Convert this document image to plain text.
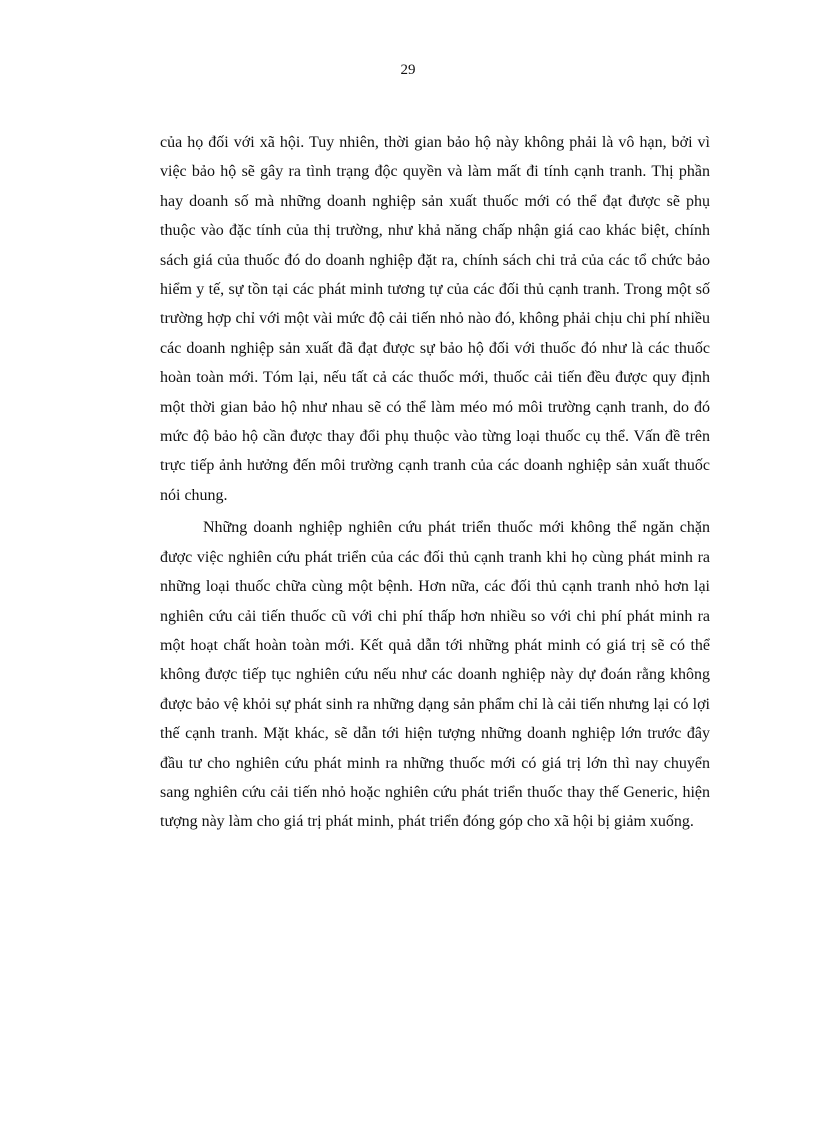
29

của họ đối với xã hội. Tuy nhiên, thời gian bảo hộ này không phải là vô hạn, bởi vì việc bảo hộ sẽ gây ra tình trạng độc quyền và làm mất đi tính cạnh tranh. Thị phần hay doanh số mà những doanh nghiệp sản xuất thuốc mới có thể đạt được sẽ phụ thuộc vào đặc tính của thị trường, như khả năng chấp nhận giá cao khác biệt, chính sách giá của thuốc đó do doanh nghiệp đặt ra, chính sách chi trả của các tổ chức bảo hiểm y tế, sự tồn tại các phát minh tương tự của các đối thủ cạnh tranh. Trong một số trường hợp chỉ với một vài mức độ cải tiến nhỏ nào đó, không phải chịu chi phí nhiều các doanh nghiệp sản xuất đã đạt được sự bảo hộ đối với thuốc đó như là các thuốc hoàn toàn mới. Tóm lại, nếu tất cả các thuốc mới, thuốc cải tiến đều được quy định một thời gian bảo hộ như nhau sẽ có thể làm méo mó môi trường cạnh tranh, do đó mức độ bảo hộ cần được thay đổi phụ thuộc vào từng loại thuốc cụ thể. Vấn đề trên trực tiếp ảnh hưởng đến môi trường cạnh tranh của các doanh nghiệp sản xuất thuốc nói chung.

Những doanh nghiệp nghiên cứu phát triển thuốc mới không thể ngăn chặn được việc nghiên cứu phát triển của các đối thủ cạnh tranh khi họ cùng phát minh ra những loại thuốc chữa cùng một bệnh. Hơn nữa, các đối thủ cạnh tranh nhỏ hơn lại nghiên cứu cải tiến thuốc cũ với chi phí thấp hơn nhiều so với chi phí phát minh ra một hoạt chất hoàn toàn mới. Kết quả dẫn tới những phát minh có giá trị sẽ có thể không được tiếp tục nghiên cứu nếu như các doanh nghiệp này dự đoán rằng không được bảo vệ khỏi sự phát sinh ra những dạng sản phẩm chỉ là cải tiến nhưng lại có lợi thế cạnh tranh. Mặt khác, sẽ dẫn tới hiện tượng những doanh nghiệp lớn trước đây đầu tư cho nghiên cứu phát minh ra những thuốc mới có giá trị lớn thì nay chuyển sang nghiên cứu cải tiến nhỏ hoặc nghiên cứu phát triển thuốc thay thế Generic, hiện tượng này làm cho giá trị phát minh, phát triển đóng góp cho xã hội bị giảm xuống.
